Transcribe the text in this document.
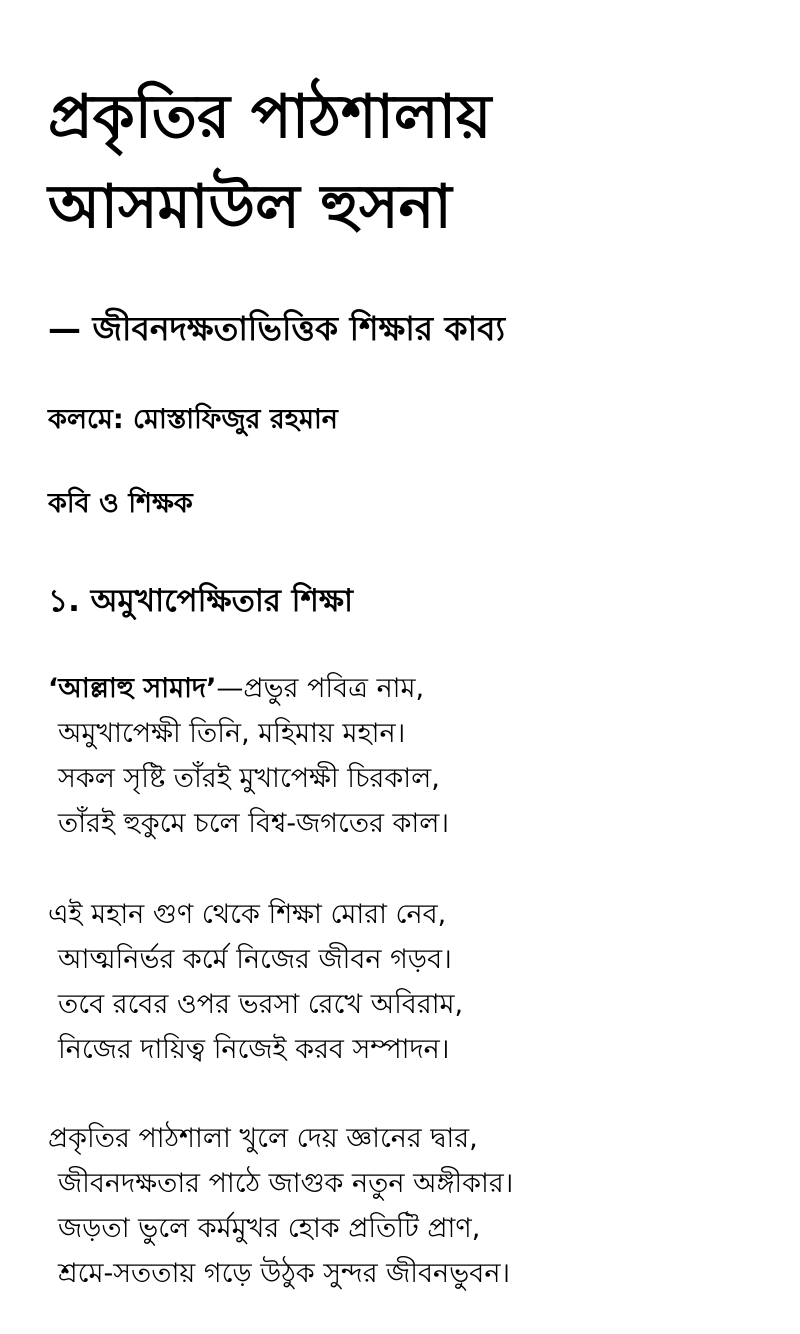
প্রকৃতির পাঠশালায়
আসমাউল হুসনা
— জীবনদক্ষতাভিত্তিক শিক্ষার কাব্য
কলমে: মোস্তাফিজুর রহমান
কবি ও শিক্ষক
১. অমুখাপেক্ষিতার শিক্ষা
‘আল্লাহু সামাদ’—প্রভুর পবিত্র নাম,
অমুখাপেক্ষী তিনি, মহিমায় মহান।
সকল সৃষ্টি তাঁরই মুখাপেক্ষী চিরকাল,
তাঁরই হুকুমে চলে বিশ্ব-জগতের কাল।
এই মহান গুণ থেকে শিক্ষা মোরা নেব,
আত্মনির্ভর কর্মে নিজের জীবন গড়ব।
তবে রবের ওপর ভরসা রেখে অবিরাম,
নিজের দায়িত্ব নিজেই করব সম্পাদন।
প্রকৃতির পাঠশালা খুলে দেয় জ্ঞানের দ্বার,
জীবনদক্ষতার পাঠে জাগুক নতুন অঙ্গীকার।
জড়তা ভুলে কর্মমুখর হোক প্রতিটি প্রাণ,
শ্রমে-সততায় গড়ে উঠুক সুন্দর জীবনভুবন।
